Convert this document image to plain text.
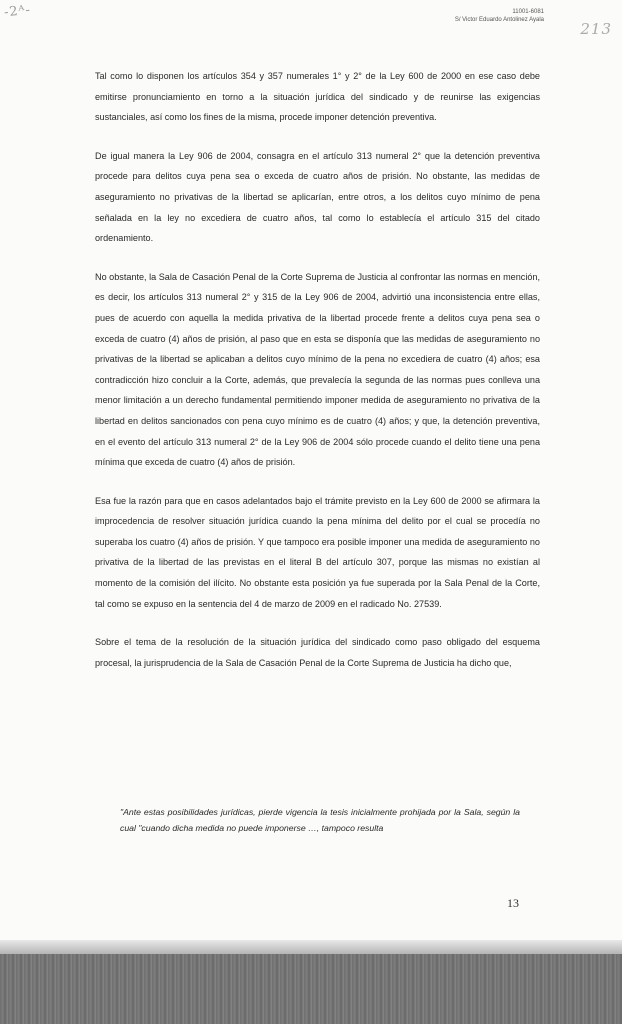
-2ᴬ-	11001-6081
S/ Victor Eduardo Antolinez Ayala 213

Tal como lo disponen los artículos 354 y 357 numerales 1° y 2° de la Ley 600 de 2000 en ese caso debe emitirse pronunciamiento en torno a la situación jurídica del sindicado y de reunirse las exigencias sustanciales, así como los fines de la misma, procede imponer detención preventiva.

De igual manera la Ley 906 de 2004, consagra en el artículo 313 numeral 2° que la detención preventiva procede para delitos cuya pena sea o exceda de cuatro años de prisión. No obstante, las medidas de aseguramiento no privativas de la libertad se aplicarían, entre otros, a los delitos cuyo mínimo de pena señalada en la ley no excediera de cuatro años, tal como lo establecía el artículo 315 del citado ordenamiento.

No obstante, la Sala de Casación Penal de la Corte Suprema de Justicia al confrontar las normas en mención, es decir, los artículos 313 numeral 2° y 315 de la Ley 906 de 2004, advirtió una inconsistencia entre ellas, pues de acuerdo con aquella la medida privativa de la libertad procede frente a delitos cuya pena sea o exceda de cuatro (4) años de prisión, al paso que en esta se disponía que las medidas de aseguramiento no privativas de la libertad se aplicaban a delitos cuyo mínimo de la pena no excediera de cuatro (4) años; esa contradicción hizo concluir a la Corte, además, que prevalecía la segunda de las normas pues conlleva una menor limitación a un derecho fundamental permitiendo imponer medida de aseguramiento no privativa de la libertad en delitos sancionados con pena cuyo mínimo es de cuatro (4) años; y que, la detención preventiva, en el evento del artículo 313 numeral 2° de la Ley 906 de 2004 sólo procede cuando el delito tiene una pena mínima que exceda de cuatro (4) años de prisión.

Esa fue la razón para que en casos adelantados bajo el trámite previsto en la Ley 600 de 2000 se afirmara la improcedencia de resolver situación jurídica cuando la pena mínima del delito por el cual se procedía no superaba los cuatro (4) años de prisión. Y que tampoco era posible imponer una medida de aseguramiento no privativa de la libertad de las previstas en el literal B del artículo 307, porque las mismas no existían al momento de la comisión del ilícito. No obstante esta posición ya fue superada por la Sala Penal de la Corte, tal como se expuso en la sentencia del 4 de marzo de 2009 en el radicado No. 27539.

Sobre el tema de la resolución de la situación jurídica del sindicado como paso obligado del esquema procesal, la jurisprudencia de la Sala de Casación Penal de la Corte Suprema de Justicia ha dicho que,

"Ante estas posibilidades jurídicas, pierde vigencia la tesis inicialmente prohijada por la Sala, según la cual "cuando dicha medida no puede imponerse …, tampoco resulta
13
